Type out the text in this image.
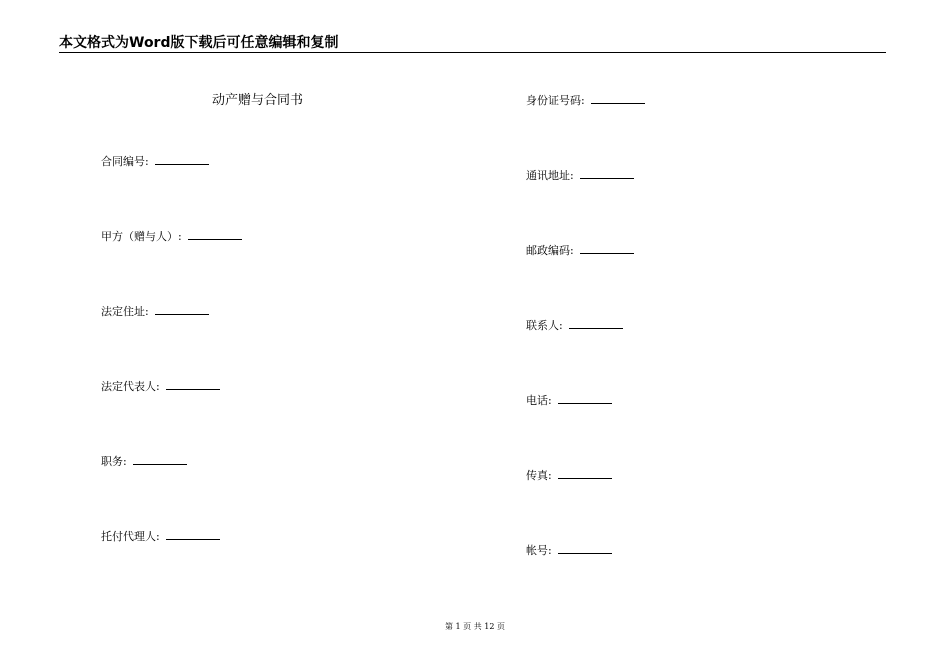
本文格式为Word版下载后可任意编辑和复制
动产赠与合同书
合同编号:
甲方（赠与人）:
法定住址:
法定代表人:
职务:
托付代理人:
身份证号码:
通讯地址:
邮政编码:
联系人:
电话:
传真:
帐号:
第 1 页 共 12 页
